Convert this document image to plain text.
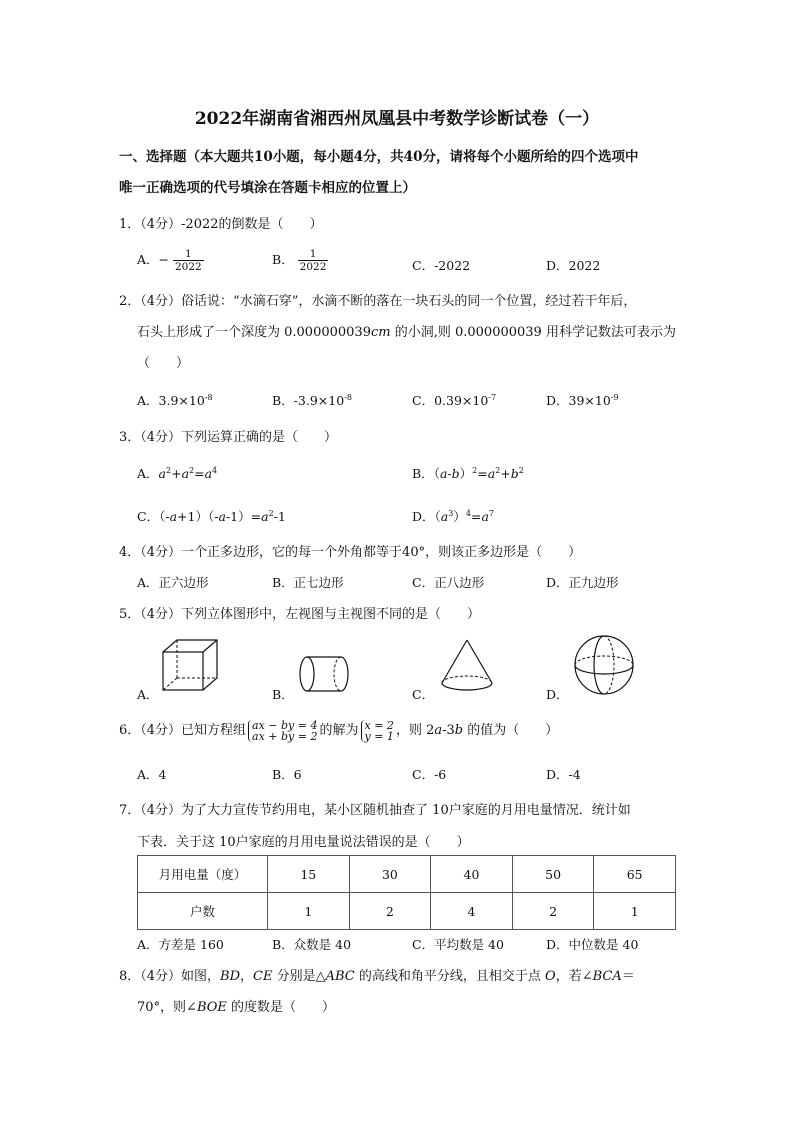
2022年湖南省湘西州凤凰县中考数学诊断试卷（一）
一、选择题（本大题共10小题，每小题4分，共40分，请将每个小题所给的四个选项中
唯一正确选项的代号填涂在答题卡相应的位置上）
1．（4分）-2022的倒数是（　　）
A．− $\frac{1}{2022}$	B． $\frac{1}{2022}$	C．-2022	D．2022
2．（4分）俗话说：“水滴石穿”，水滴不断的落在一块石头的同一个位置，经过若干年后，
石头上形成了一个深度为 0.000000039cm 的小洞,则 0.000000039 用科学记数法可表示为
（　　）
A．$3.9\times 10^{-8}$	B．$-3.9\times 10^{-8}$	C．$0.39\times 10^{-7}$	D．$39\times 10^{-9}$
3．（4分）下列运算正确的是（　　）
A．$a^2+a^2=a^4$	B．$(a-b)^2=a^2+b^2$
C．$(-a+1)(-a-1)=a^2-1$	D．$(a^3)^4=a^7$
4．（4分）一个正多边形，它的每一个外角都等于40°，则该正多边形是（　　）
A．正六边形	B．正七边形	C．正八边形	D．正九边形
5．（4分）下列立体图形中，左视图与主视图不同的是（　　）
A．	B．	C．	D．
6．（4分）已知方程组 ax − by = 4
ax + by = 2 的解为 x = 2
y = 1 ，则 2a-3b 的值为（　　）
A．4	B．6	C．-6	D．-4
7．（4分）为了大力宣传节约用电，某小区随机抽查了 10户家庭的月用电量情况．统计如
下表．关于这 10户家庭的月用电量说法错误的是（　　）
月用电量（度）	15	30	40	50	65
户数	1	2	4	2	1
A．方差是 160	B．众数是 40	C．平均数是 40	D．中位数是 40
8．（4分）如图，BD，CE 分别是△ABC 的高线和角平分线，且相交于点 O，若∠BCA＝
70°，则∠BOE 的度数是（　　）
